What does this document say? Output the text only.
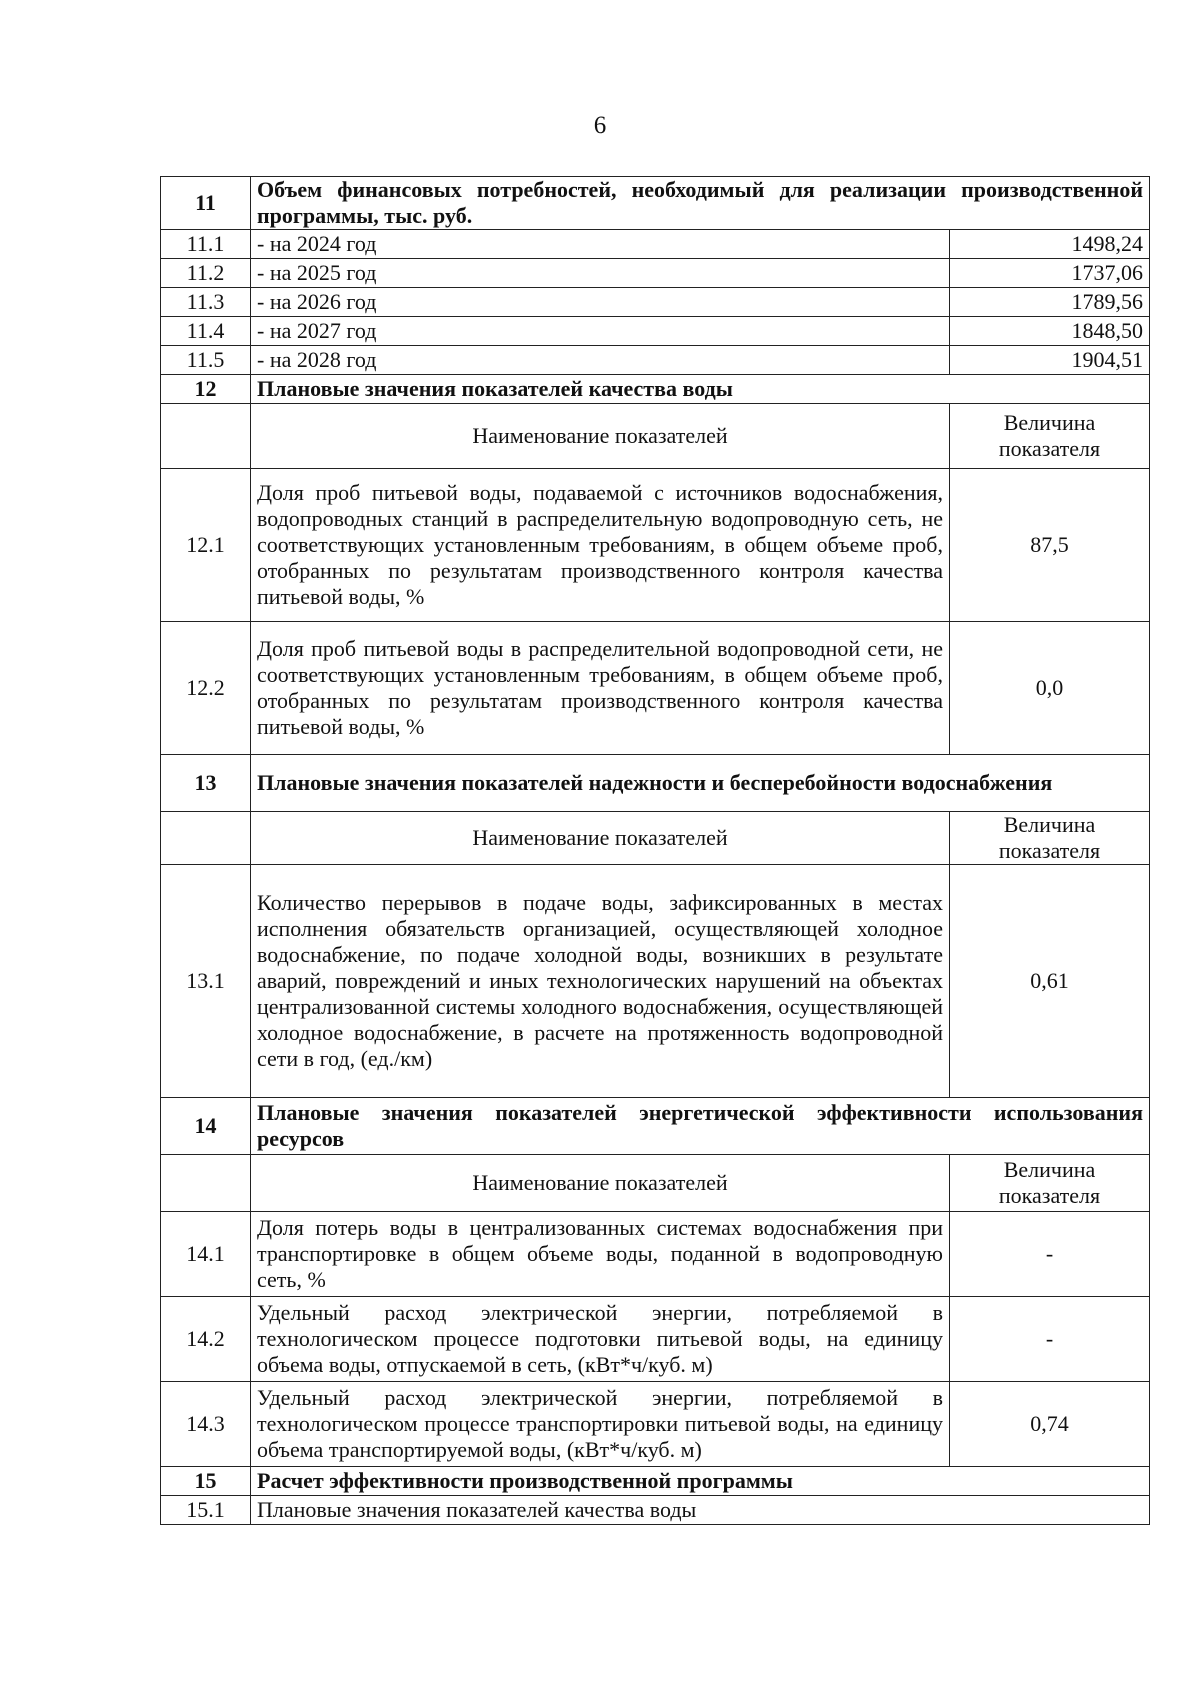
6
11	Объем финансовых потребностей, необходимый для реализации производственной программы, тыс. руб.	
11.1	- на 2024 год	1498,24
11.2	- на 2025 год	1737,06
11.3	- на 2026 год	1789,56
11.4	- на 2027 год	1848,50
11.5	- на 2028 год	1904,51
12	Плановые значения показателей качества воды	
	Наименование показателей	Величина показателя
12.1	Доля проб питьевой воды, подаваемой с источников водоснабжения, водопроводных станций в распределительную водопроводную сеть, не соответствующих установленным требованиям, в общем объеме проб, отобранных по результатам производственного контроля качества питьевой воды, %	87,5
12.2	Доля проб питьевой воды в распределительной водопроводной сети, не соответствующих установленным требованиям, в общем объеме проб, отобранных по результатам производственного контроля качества питьевой воды, %	0,0
13	Плановые значения показателей надежности и бесперебойности водоснабжения	
	Наименование показателей	Величина показателя
13.1	Количество перерывов в подаче воды, зафиксированных в местах исполнения обязательств организацией, осуществляющей холодное водоснабжение, по подаче холодной воды, возникших в результате аварий, повреждений и иных технологических нарушений на объектах централизованной системы холодного водоснабжения, осуществляющей холодное водоснабжение, в расчете на протяженность водопроводной сети в год, (ед./км)	0,61
14	Плановые значения показателей энергетической эффективности использования ресурсов	
	Наименование показателей	Величина показателя
14.1	Доля потерь воды в централизованных системах водоснабжения при транспортировке в общем объеме воды, поданной в водопроводную сеть, %	-
14.2	Удельный расход электрической энергии, потребляемой в технологическом процессе подготовки питьевой воды, на единицу объема воды, отпускаемой в сеть, (кВт*ч/куб. м)	-
14.3	Удельный расход электрической энергии, потребляемой в технологическом процессе транспортировки питьевой воды, на единицу объема транспортируемой воды, (кВт*ч/куб. м)	0,74
15	Расчет эффективности производственной программы	
15.1	Плановые значения показателей качества воды	
